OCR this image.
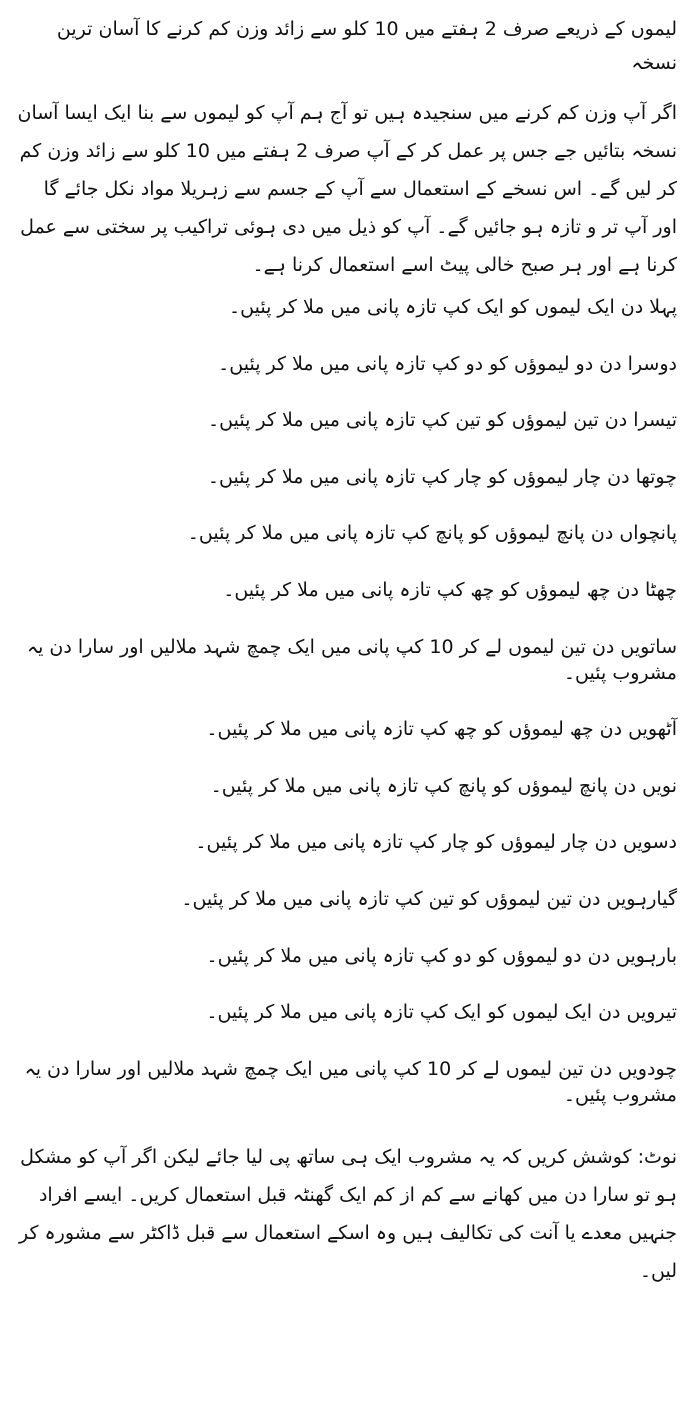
لیموں کے ذریعے صرف 2 ہفتے میں 10 کلو سے زائد وزن کم کرنے کا آسان ترین نسخہ

اگر آپ وزن کم کرنے میں سنجیدہ ہیں تو آج ہم آپ کو لیموں سے بنا ایک ایسا آسان نسخہ بتائیں جے جس پر عمل کر کے آپ صرف 2 ہفتے میں 10 کلو سے زائد وزن کم کر لیں گے۔ اس نسخے کے استعمال سے آپ کے جسم سے زہریلا مواد نکل جائے گا اور آپ تر و تازہ ہو جائیں گے۔ آپ کو ذیل میں دی ہوئی تراکیب پر سختی سے عمل کرنا ہے اور ہر صبح خالی پیٹ اسے استعمال کرنا ہے۔

پہلا دن ایک لیموں کو ایک کپ تازہ پانی میں ملا کر پئیں۔
دوسرا دن دو لیموؤں کو دو کپ تازہ پانی میں ملا کر پئیں۔
تیسرا دن تین لیموؤں کو تین کپ تازہ پانی میں ملا کر پئیں۔
چوتھا دن چار لیموؤں کو چار کپ تازہ پانی میں ملا کر پئیں۔
پانچواں دن پانچ لیموؤں کو پانچ کپ تازہ پانی میں ملا کر پئیں۔
چھٹا دن چھ لیموؤں کو چھ کپ تازہ پانی میں ملا کر پئیں۔
ساتویں دن تین لیموں لے کر 10 کپ پانی میں ایک چمچ شہد ملالیں اور سارا دن یہ مشروب پئیں۔
آٹھویں دن چھ لیموؤں کو چھ کپ تازہ پانی میں ملا کر پئیں۔
نویں دن پانچ لیموؤں کو پانچ کپ تازہ پانی میں ملا کر پئیں۔
دسویں دن چار لیموؤں کو چار کپ تازہ پانی میں ملا کر پئیں۔
گیارہویں دن تین لیموؤں کو تین کپ تازہ پانی میں ملا کر پئیں۔
بارہویں دن دو لیموؤں کو دو کپ تازہ پانی میں ملا کر پئیں۔
تیرویں دن ایک لیموں کو ایک کپ تازہ پانی میں ملا کر پئیں۔
چودویں دن تین لیموں لے کر 10 کپ پانی میں ایک چمچ شہد ملالیں اور سارا دن یہ مشروب پئیں۔

نوٹ: کوشش کریں کہ یہ مشروب ایک ہی ساتھ پی لیا جائے لیکن اگر آپ کو مشکل ہو تو سارا دن میں کھانے سے کم از کم ایک گھنٹہ قبل استعمال کریں۔ ایسے افراد جنہیں معدے یا آنت کی تکالیف ہیں وہ اسکے استعمال سے قبل ڈاکٹر سے مشورہ کر لیں۔
